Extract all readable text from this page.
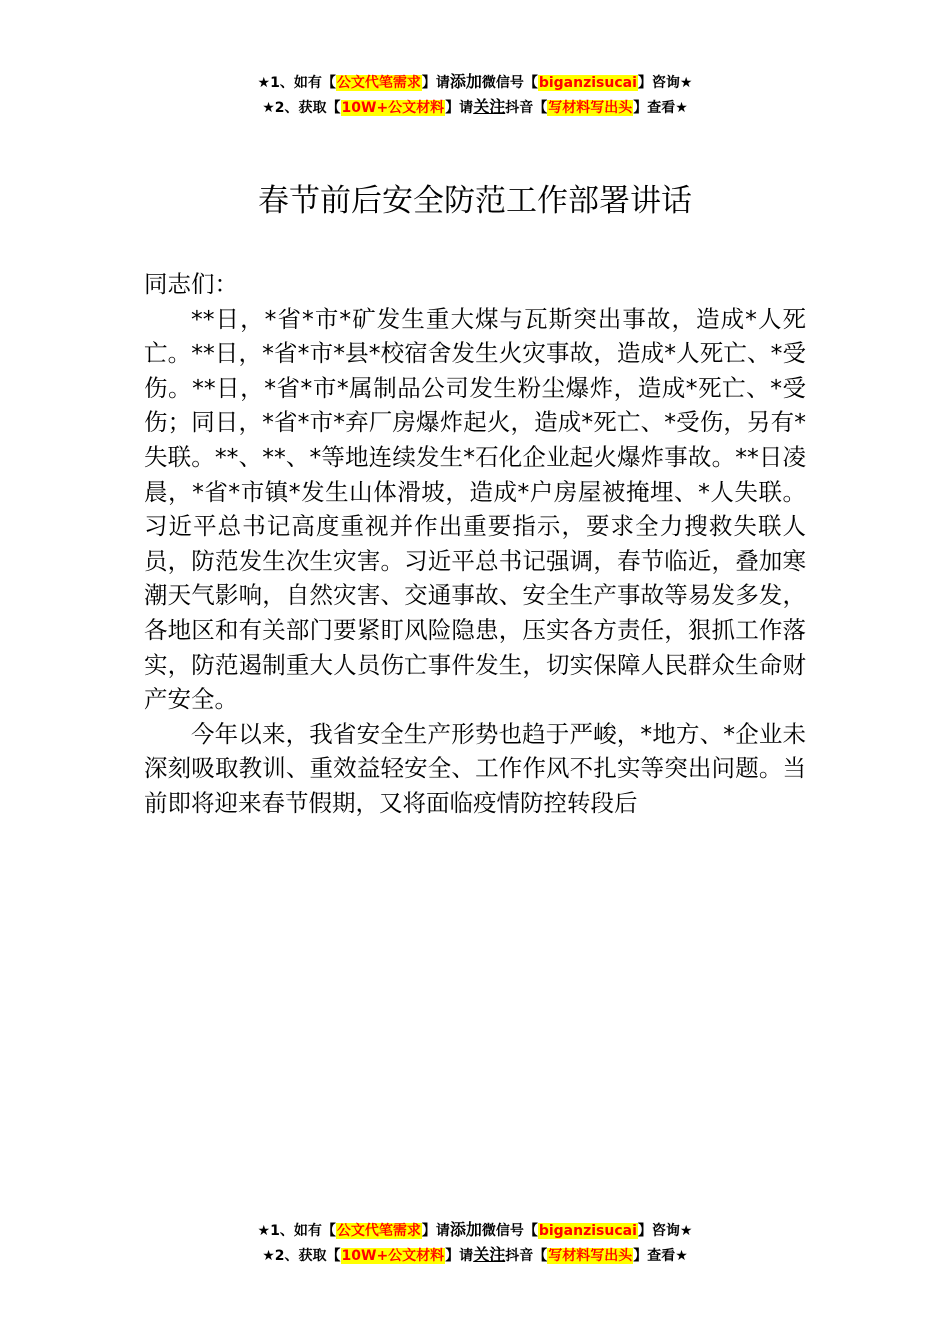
★1、如有【公文代笔需求】请添加微信号【biganzisucai】咨询★
★2、获取【10W+公文材料】请关注抖音【写材料写出头】查看★
春节前后安全防范工作部署讲话

同志们：

**日，*省*市*矿发生重大煤与瓦斯突出事故，造成*人死亡。**日，*省*市*县*校宿舍发生火灾事故，造成*人死亡、*受伤。**日，*省*市*属制品公司发生粉尘爆炸，造成*死亡、*受伤；同日，*省*市*弃厂房爆炸起火，造成*死亡、*受伤，另有*失联。**、**、*等地连续发生*石化企业起火爆炸事故。**日凌晨，*省*市镇*发生山体滑坡，造成*户房屋被掩埋、*人失联。习近平总书记高度重视并作出重要指示，要求全力搜救失联人员，防范发生次生灾害。习近平总书记强调，春节临近，叠加寒潮天气影响，自然灾害、交通事故、安全生产事故等易发多发，各地区和有关部门要紧盯风险隐患，压实各方责任，狠抓工作落实，防范遏制重大人员伤亡事件发生，切实保障人民群众生命财产安全。

今年以来，我省安全生产形势也趋于严峻，*地方、*企业未深刻吸取教训、重效益轻安全、工作作风不扎实等突出问题。当前即将迎来春节假期，又将面临疫情防控转段后

★1、如有【公文代笔需求】请添加微信号【biganzisucai】咨询★
★2、获取【10W+公文材料】请关注抖音【写材料写出头】查看★
